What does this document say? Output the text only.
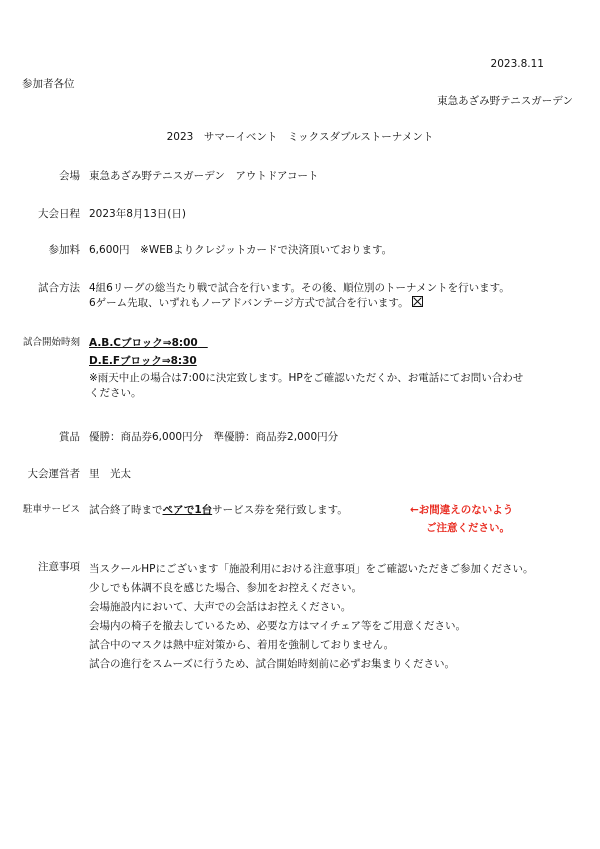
2023.8.11
参加者各位
東急あざみ野テニスガーデン
2023　サマーイベント　ミックスダブルストーナメント
会場 東急あざみ野テニスガーデン　アウトドアコート
大会日程 2023年8月13日(日)
参加料 6,600円　※WEBよりクレジットカードで決済頂いております。
試合方法 4組6リーグの総当たり戦で試合を行います。その後、順位別のトーナメントを行います。
6ゲーム先取、いずれもノーアドバンテージ方式で試合を行います。
試合開始時刻 A.B.Cブロック⇒8:00
D.E.Fブロック⇒8:30
※雨天中止の場合は7:00に決定致します。HPをご確認いただくか、お電話にてお問い合わせ
ください。
賞品 優勝：商品券6,000円分　準優勝：商品券2,000円分
大会運営者 里　光太
駐車サービス 試合終了時までペアで1台サービス券を発行致します。	←お間違えのないよう
ご注意ください。
注意事項 当スクールHPにございます「施設利用における注意事項」をご確認いただきご参加ください。
少しでも体調不良を感じた場合、参加をお控えください。
会場施設内において、大声での会話はお控えください。
会場内の椅子を撤去しているため、必要な方はマイチェア等をご用意ください。
試合中のマスクは熱中症対策から、着用を強制しておりません。
試合の進行をスムーズに行うため、試合開始時刻前に必ずお集まりください。
